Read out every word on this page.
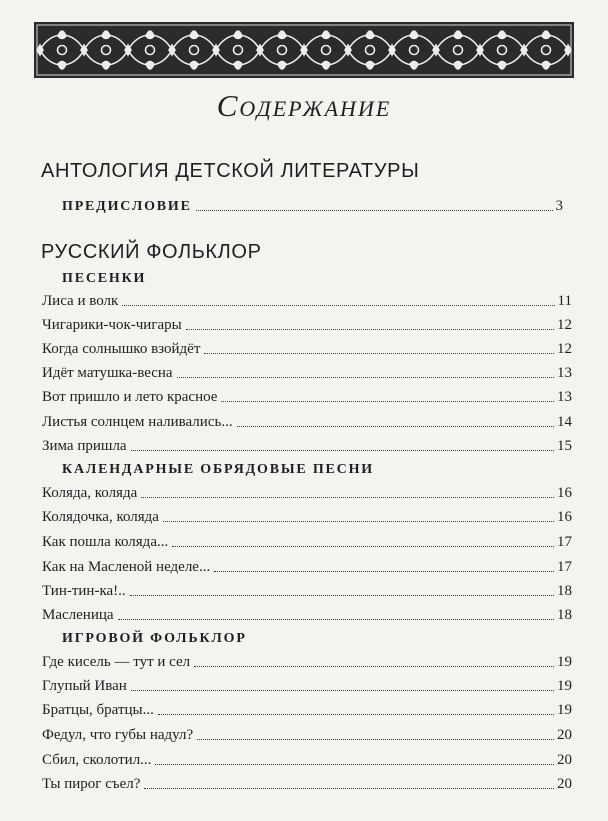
Содержание
АНТОЛОГИЯ ДЕТСКОЙ ЛИТЕРАТУРЫ
ПРЕДИСЛОВИЕ	3
РУССКИЙ ФОЛЬКЛОР
ПЕСЕНКИ
Лиса и волк	11
Чигарики-чок-чигары	12
Когда солнышко взойдёт	12
Идёт матушка-весна	13
Вот пришло и лето красное	13
Листья солнцем наливались...	14
Зима пришла	15
КАЛЕНДАРНЫЕ ОБРЯДОВЫЕ ПЕСНИ
Коляда, коляда	16
Колядочка, коляда	16
Как пошла коляда...	17
Как на Масленой неделе...	17
Тин-тин-ка!..	18
Масленица	18
ИГРОВОЙ ФОЛЬКЛОР
Где кисель — тут и сел	19
Глупый Иван	19
Братцы, братцы...	19
Федул, что губы надул?	20
Сбил, сколотил...	20
Ты пирог съел?	20
